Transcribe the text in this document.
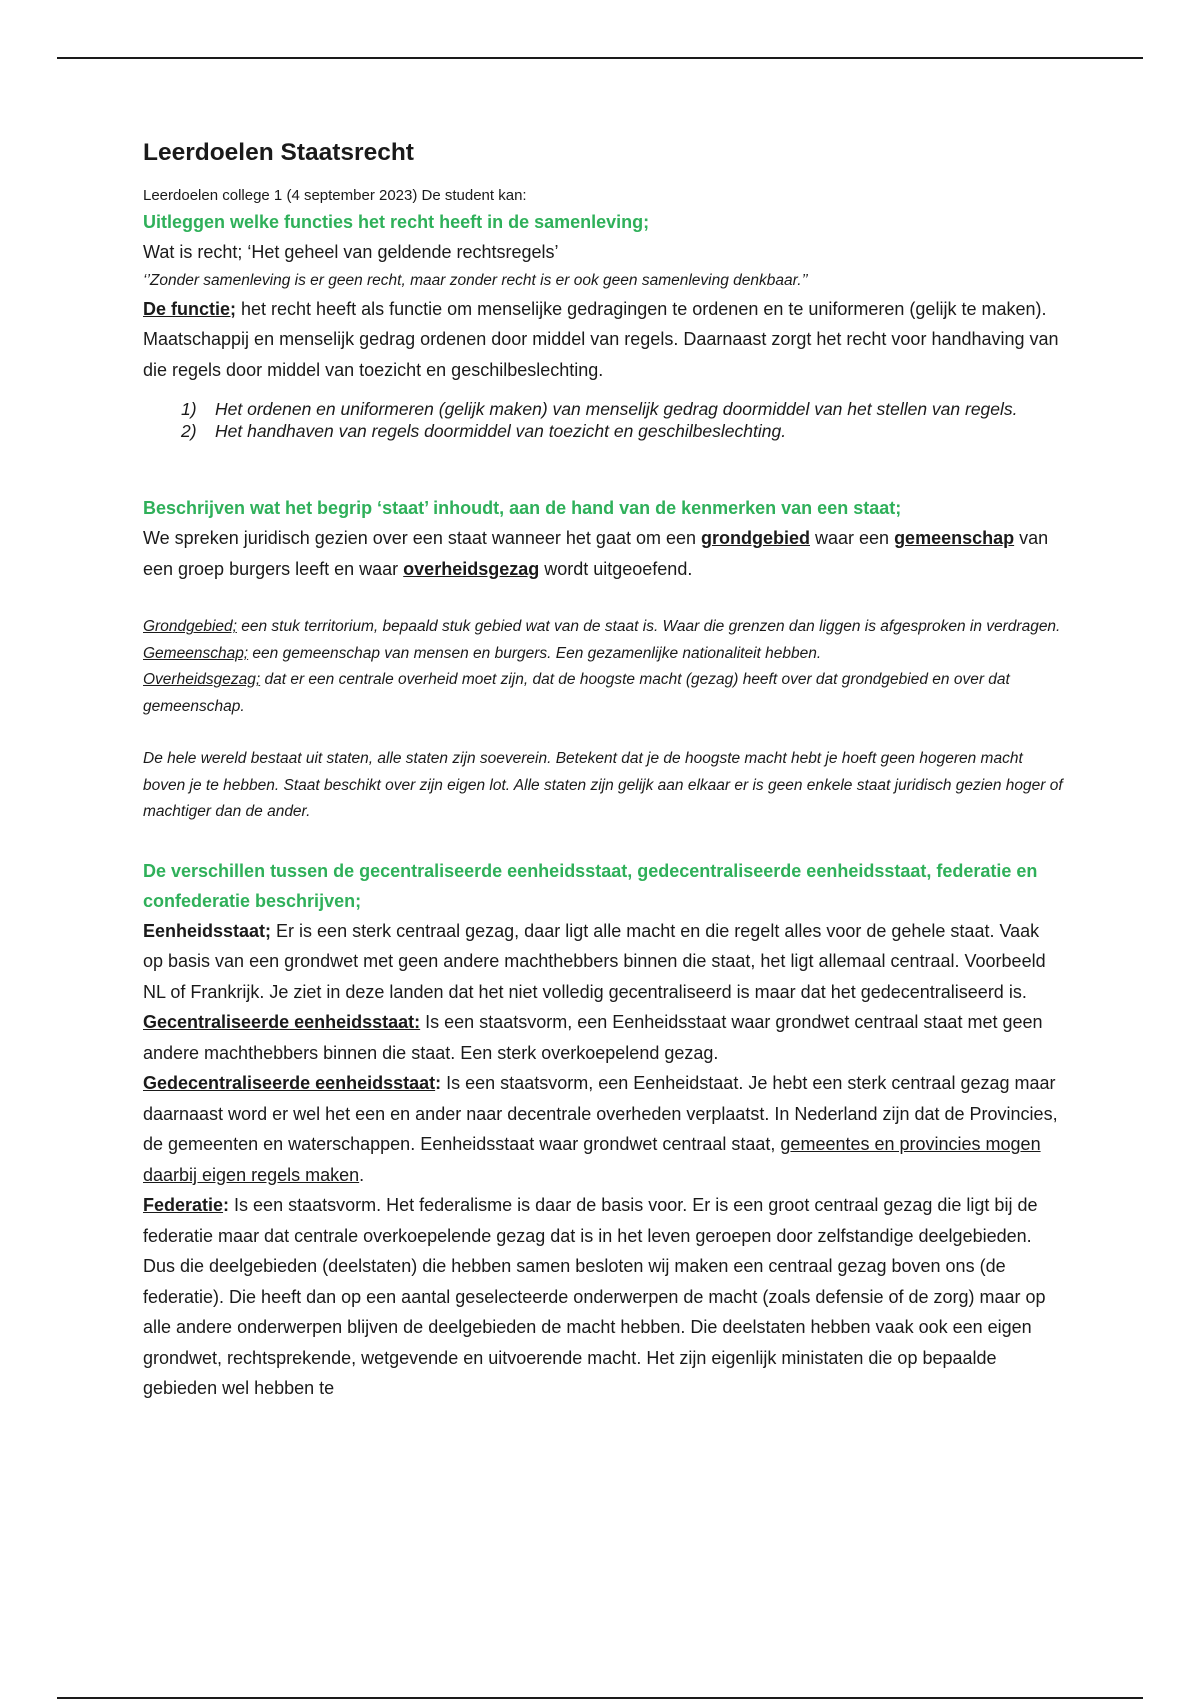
Leerdoelen Staatsrecht

Leerdoelen college 1 (4 september 2023) De student kan:

Uitleggen welke functies het recht heeft in de samenleving;

Wat is recht; ‘Het geheel van geldende rechtsregels’

‘’Zonder samenleving is er geen recht, maar zonder recht is er ook geen samenleving denkbaar.’’

De functie; het recht heeft als functie om menselijke gedragingen te ordenen en te uniformeren (gelijk te maken). Maatschappij en menselijk gedrag ordenen door middel van regels. Daarnaast zorgt het recht voor handhaving van die regels door middel van toezicht en geschilbeslechting.

1)	Het ordenen en uniformeren (gelijk maken) van menselijk gedrag doormiddel van het stellen van regels.
2)	Het handhaven van regels doormiddel van toezicht en geschilbeslechting.

Beschrijven wat het begrip ‘staat’ inhoudt, aan de hand van de kenmerken van een staat;

We spreken juridisch gezien over een staat wanneer het gaat om een grondgebied waar een gemeenschap van een groep burgers leeft en waar overheidsgezag wordt uitgeoefend.

Grondgebied; een stuk territorium, bepaald stuk gebied wat van de staat is. Waar die grenzen dan liggen is afgesproken in verdragen.

Gemeenschap; een gemeenschap van mensen en burgers. Een gezamenlijke nationaliteit hebben.

Overheidsgezag; dat er een centrale overheid moet zijn, dat de hoogste macht (gezag) heeft over dat grondgebied en over dat gemeenschap.

De hele wereld bestaat uit staten, alle staten zijn soeverein. Betekent dat je de hoogste macht hebt je hoeft geen hogeren macht boven je te hebben. Staat beschikt over zijn eigen lot. Alle staten zijn gelijk aan elkaar er is geen enkele staat juridisch gezien hoger of machtiger dan de ander.

De verschillen tussen de gecentraliseerde eenheidsstaat, gedecentraliseerde eenheidsstaat, federatie en confederatie beschrijven;

Eenheidsstaat; Er is een sterk centraal gezag, daar ligt alle macht en die regelt alles voor de gehele staat. Vaak op basis van een grondwet met geen andere machthebbers binnen die staat, het ligt allemaal centraal. Voorbeeld NL of Frankrijk. Je ziet in deze landen dat het niet volledig gecentraliseerd is maar dat het gedecentraliseerd is.

Gecentraliseerde eenheidsstaat: Is een staatsvorm, een Eenheidsstaat waar grondwet centraal staat met geen andere machthebbers binnen die staat. Een sterk overkoepelend gezag.

Gedecentraliseerde eenheidsstaat: Is een staatsvorm, een Eenheidstaat. Je hebt een sterk centraal gezag maar daarnaast word er wel het een en ander naar decentrale overheden verplaatst. In Nederland zijn dat de Provincies, de gemeenten en waterschappen. Eenheidsstaat waar grondwet centraal staat, gemeentes en provincies mogen daarbij eigen regels maken.

Federatie: Is een staatsvorm. Het federalisme is daar de basis voor. Er is een groot centraal gezag die ligt bij de federatie maar dat centrale overkoepelende gezag dat is in het leven geroepen door zelfstandige deelgebieden. Dus die deelgebieden (deelstaten) die hebben samen besloten wij maken een centraal gezag boven ons (de federatie). Die heeft dan op een aantal geselecteerde onderwerpen de macht (zoals defensie of de zorg) maar op alle andere onderwerpen blijven de deelgebieden de macht hebben. Die deelstaten hebben vaak ook een eigen grondwet, rechtsprekende, wetgevende en uitvoerende macht. Het zijn eigenlijk ministaten die op bepaalde gebieden wel hebben te
